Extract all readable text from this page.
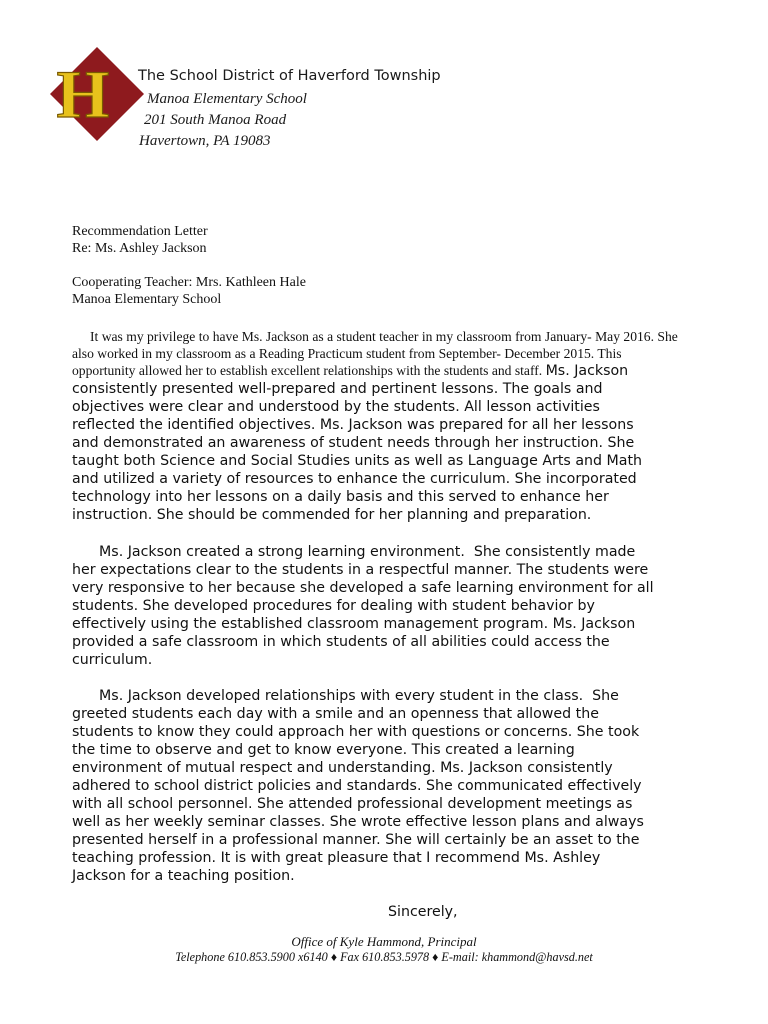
H The School District of Haverford Township
Manoa Elementary School
201 South Manoa Road
Havertown, PA 19083
Recommendation Letter
Re: Ms. Ashley Jackson
Cooperating Teacher: Mrs. Kathleen Hale
Manoa Elementary School
It was my privilege to have Ms. Jackson as a student teacher in my classroom from January- May 2016. She
also worked in my classroom as a Reading Practicum student from September- December 2015. This
opportunity allowed her to establish excellent relationships with the students and staff. Ms. Jackson
consistently presented well-prepared and pertinent lessons. The goals and
objectives were clear and understood by the students. All lesson activities
reflected the identified objectives. Ms. Jackson was prepared for all her lessons
and demonstrated an awareness of student needs through her instruction. She
taught both Science and Social Studies units as well as Language Arts and Math
and utilized a variety of resources to enhance the curriculum. She incorporated
technology into her lessons on a daily basis and this served to enhance her
instruction. She should be commended for her planning and preparation.
Ms. Jackson created a strong learning environment.  She consistently made
her expectations clear to the students in a respectful manner. The students were
very responsive to her because she developed a safe learning environment for all
students. She developed procedures for dealing with student behavior by
effectively using the established classroom management program. Ms. Jackson
provided a safe classroom in which students of all abilities could access the
curriculum.
Ms. Jackson developed relationships with every student in the class.  She
greeted students each day with a smile and an openness that allowed the
students to know they could approach her with questions or concerns. She took
the time to observe and get to know everyone. This created a learning
environment of mutual respect and understanding. Ms. Jackson consistently
adhered to school district policies and standards. She communicated effectively
with all school personnel. She attended professional development meetings as
well as her weekly seminar classes. She wrote effective lesson plans and always
presented herself in a professional manner. She will certainly be an asset to the
teaching profession. It is with great pleasure that I recommend Ms. Ashley
Jackson for a teaching position.
Sincerely,
Office of Kyle Hammond, Principal
Telephone 610.853.5900 x6140 ♦ Fax 610.853.5978 ♦ E-mail: khammond@havsd.net
